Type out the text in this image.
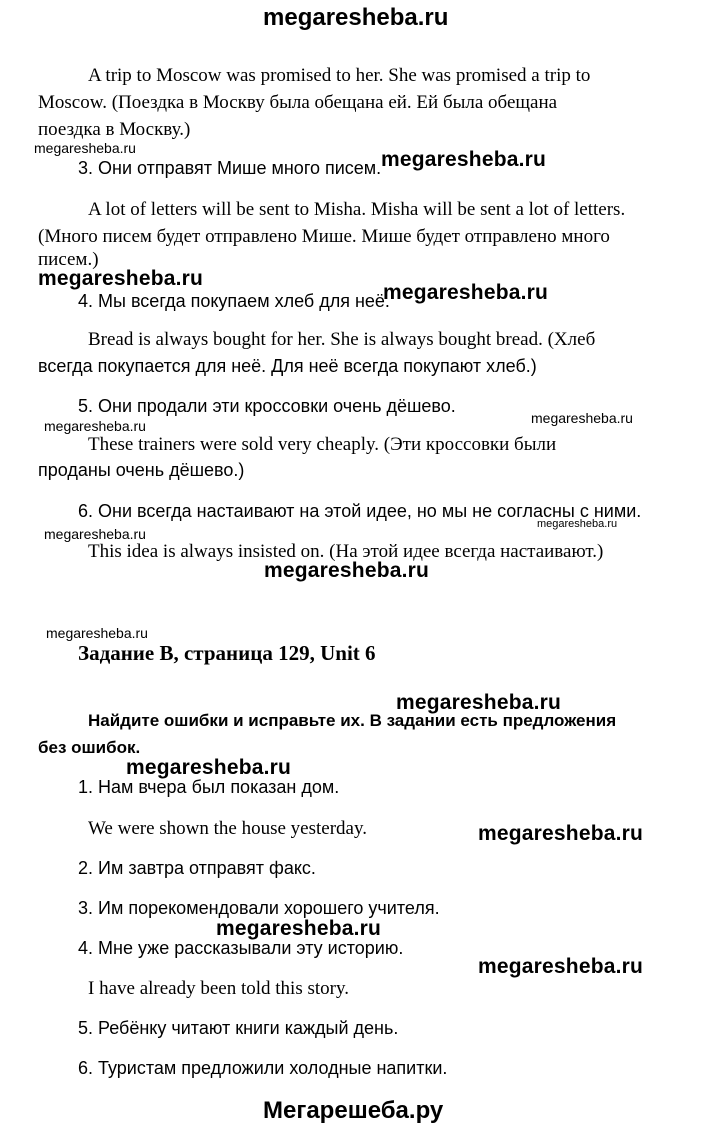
megaresheba.ru
A trip to Moscow was promised to her. She was promised a trip to
Moscow. (Поездка в Москву была обещана ей. Ей была обещана
поездка в Москву.)
megaresheba.ru
3. Они отправят Мише много писем. megaresheba.ru
A lot of letters will be sent to Misha. Misha will be sent a lot of letters.
(Много писем будет отправлено Мише. Мише будет отправлено много
писем.)
megaresheba.ru
4. Мы всегда покупаем хлеб для неё.
megaresheba.ru
Bread is always bought for her. She is always bought bread. (Хлеб
всегда покупается для неё. Для неё всегда покупают хлеб.)
5. Они продали эти кроссовки очень дёшево.
megaresheba.ru	megaresheba.ru
These trainers were sold very cheaply. (Эти кроссовки были
проданы очень дёшево.)
6. Они всегда настаивают на этой идее, но мы не согласны с ними.
megaresheba.ru
megaresheba.ru
This idea is always insisted on. (На этой идее всегда настаивают.)
megaresheba.ru
megaresheba.ru
Задание B, страница 129, Unit 6
megaresheba.ru
Найдите ошибки и исправьте их. В задании есть предложения
без ошибок.
megaresheba.ru
1. Нам вчера был показан дом.
We were shown the house yesterday.	megaresheba.ru
2. Им завтра отправят факс.
3. Им порекомендовали хорошего учителя.
megaresheba.ru
4. Мне уже рассказывали эту историю.
megaresheba.ru
I have already been told this story.
5. Ребёнку читают книги каждый день.
6. Туристам предложили холодные напитки.
Мегарешеба.ру
